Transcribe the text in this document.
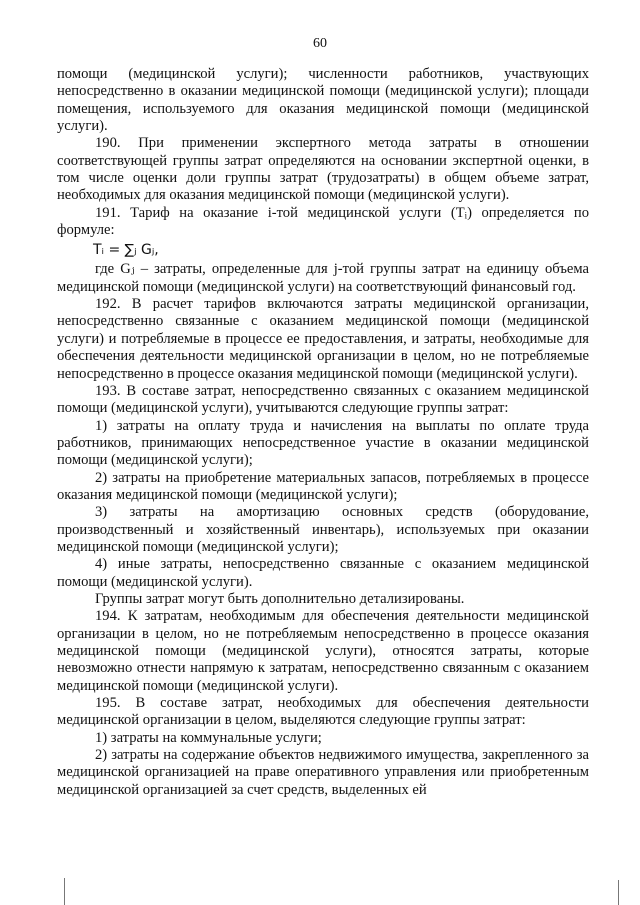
60

помощи (медицинской услуги); численности работников, участвующих непосредственно в оказании медицинской помощи (медицинской услуги); площади помещения, используемого для оказания медицинской помощи (медицинской услуги).

190. При применении экспертного метода затраты в отношении соответствующей группы затрат определяются на основании экспертной оценки, в том числе оценки доли группы затрат (трудозатраты) в общем объеме затрат, необходимых для оказания медицинской помощи (медицинской услуги).

191. Тариф на оказание i-той медицинской услуги (Tᵢ) определяется по формуле:

Tᵢ = ∑ⱼ Gⱼ,

где Gⱼ – затраты, определенные для j-той группы затрат на единицу объема медицинской помощи (медицинской услуги) на соответствующий финансовый год.

192. В расчет тарифов включаются затраты медицинской организации, непосредственно связанные с оказанием медицинской помощи (медицинской услуги) и потребляемые в процессе ее предоставления, и затраты, необходимые для обеспечения деятельности медицинской организации в целом, но не потребляемые непосредственно в процессе оказания медицинской помощи (медицинской услуги).

193. В составе затрат, непосредственно связанных с оказанием медицинской помощи (медицинской услуги), учитываются следующие группы затрат:

1) затраты на оплату труда и начисления на выплаты по оплате труда работников, принимающих непосредственное участие в оказании медицинской помощи (медицинской услуги);

2) затраты на приобретение материальных запасов, потребляемых в процессе оказания медицинской помощи (медицинской услуги);

3) затраты на амортизацию основных средств (оборудование, производственный и хозяйственный инвентарь), используемых при оказании медицинской помощи (медицинской услуги);

4) иные затраты, непосредственно связанные с оказанием медицинской помощи (медицинской услуги).

Группы затрат могут быть дополнительно детализированы.

194. К затратам, необходимым для обеспечения деятельности медицинской организации в целом, но не потребляемым непосредственно в процессе оказания медицинской помощи (медицинской услуги), относятся затраты, которые невозможно отнести напрямую к затратам, непосредственно связанным с оказанием медицинской помощи (медицинской услуги).

195. В составе затрат, необходимых для обеспечения деятельности медицинской организации в целом, выделяются следующие группы затрат:

1) затраты на коммунальные услуги;

2) затраты на содержание объектов недвижимого имущества, закрепленного за медицинской организацией на праве оперативного управления или приобретенным медицинской организацией за счет средств, выделенных ей
